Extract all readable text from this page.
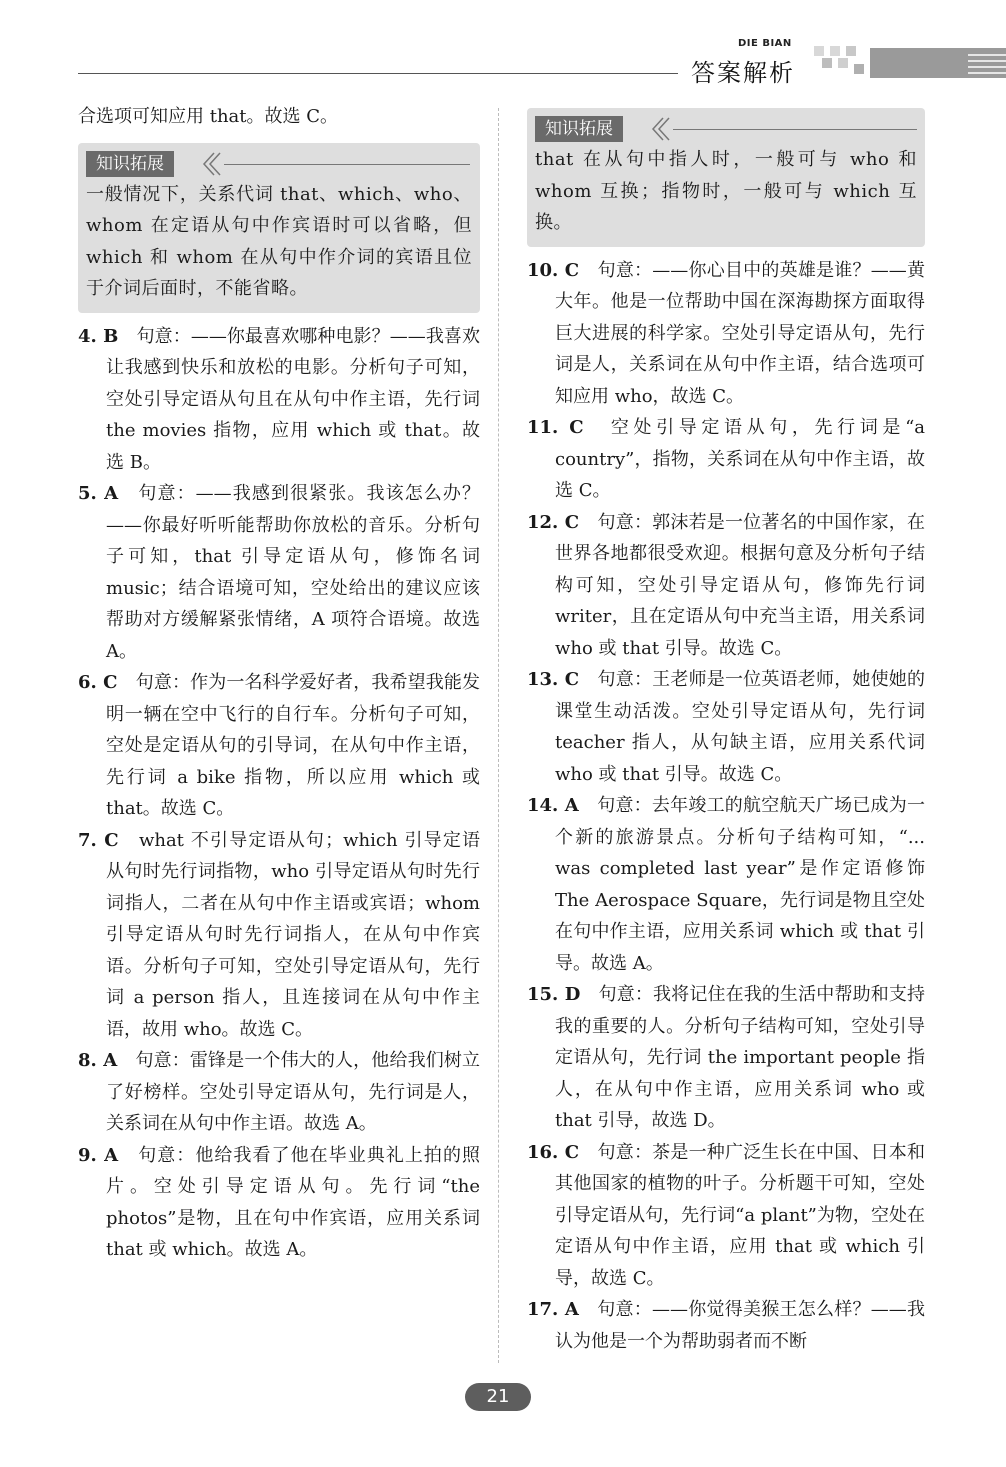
DIE BIAN
答案解析
合选项可知应用 that。故选 C。
知识拓展
一般情况下，关系代词 that、which、who、whom 在定语从句中作宾语时可以省略，但 which 和 whom 在从句中作介词的宾语且位于介词后面时，不能省略。
4. B　 句意：——你最喜欢哪种电影？——我喜欢让我感到快乐和放松的电影。分析句子可知，空处引导定语从句且在从句中作主语，先行词 the movies 指物，应用 which 或 that。故选 B。
5. A　 句意：——我感到很紧张。我该怎么办？——你最好听听能帮助你放松的音乐。分析句子可知，that 引导定语从句，修饰名词 music；结合语境可知，空处给出的建议应该帮助对方缓解紧张情绪，A 项符合语境。故选 A。
6. C　 句意：作为一名科学爱好者，我希望我能发明一辆在空中飞行的自行车。分析句子可知，空处是定语从句的引导词，在从句中作主语，先行词 a bike 指物，所以应用 which 或 that。故选 C。
7. C　 what 不引导定语从句；which 引导定语从句时先行词指物，who 引导定语从句时先行词指人，二者在从句中作主语或宾语；whom 引导定语从句时先行词指人，在从句中作宾语。分析句子可知，空处引导定语从句，先行词 a person 指人，且连接词在从句中作主语，故用 who。故选 C。
8. A　 句意：雷锋是一个伟大的人，他给我们树立了好榜样。空处引导定语从句，先行词是人，关系词在从句中作主语。故选 A。
9. A　 句意：他给我看了他在毕业典礼上拍的照片。空处引导定语从句。先行词“the photos”是物，且在句中作宾语，应用关系词 that 或 which。故选 A。
知识拓展
that 在从句中指人时，一般可与 who 和 whom 互换；指物时，一般可与 which 互换。
10. C　 句意：——你心目中的英雄是谁？——黄大年。他是一位帮助中国在深海勘探方面取得巨大进展的科学家。空处引导定语从句，先行词是人，关系词在从句中作主语，结合选项可知应用 who，故选 C。
11. C　 空处引导定语从句，先行词是“a country”，指物，关系词在从句中作主语，故选 C。
12. C　 句意：郭沫若是一位著名的中国作家，在世界各地都很受欢迎。根据句意及分析句子结构可知，空处引导定语从句，修饰先行词 writer，且在定语从句中充当主语，用关系词 who 或 that 引导。故选 C。
13. C　 句意：王老师是一位英语老师，她使她的课堂生动活泼。空处引导定语从句，先行词 teacher 指人，从句缺主语，应用关系代词 who 或 that 引导。故选 C。
14. A　 句意：去年竣工的航空航天广场已成为一个新的旅游景点。分析句子结构可知，“... was completed last year”是作定语修饰 The Aerospace Square，先行词是物且空处在句中作主语，应用关系词 which 或 that 引导。故选 A。
15. D　 句意：我将记住在我的生活中帮助和支持我的重要的人。分析句子结构可知，空处引导定语从句，先行词 the important people 指人，在从句中作主语，应用关系词 who 或 that 引导，故选 D。
16. C　 句意：茶是一种广泛生长在中国、日本和其他国家的植物的叶子。分析题干可知，空处引导定语从句，先行词“a plant”为物，空处在定语从句中作主语，应用 that 或 which 引导，故选 C。
17. A　 句意：——你觉得美猴王怎么样？——我认为他是一个为帮助弱者而不断
21
